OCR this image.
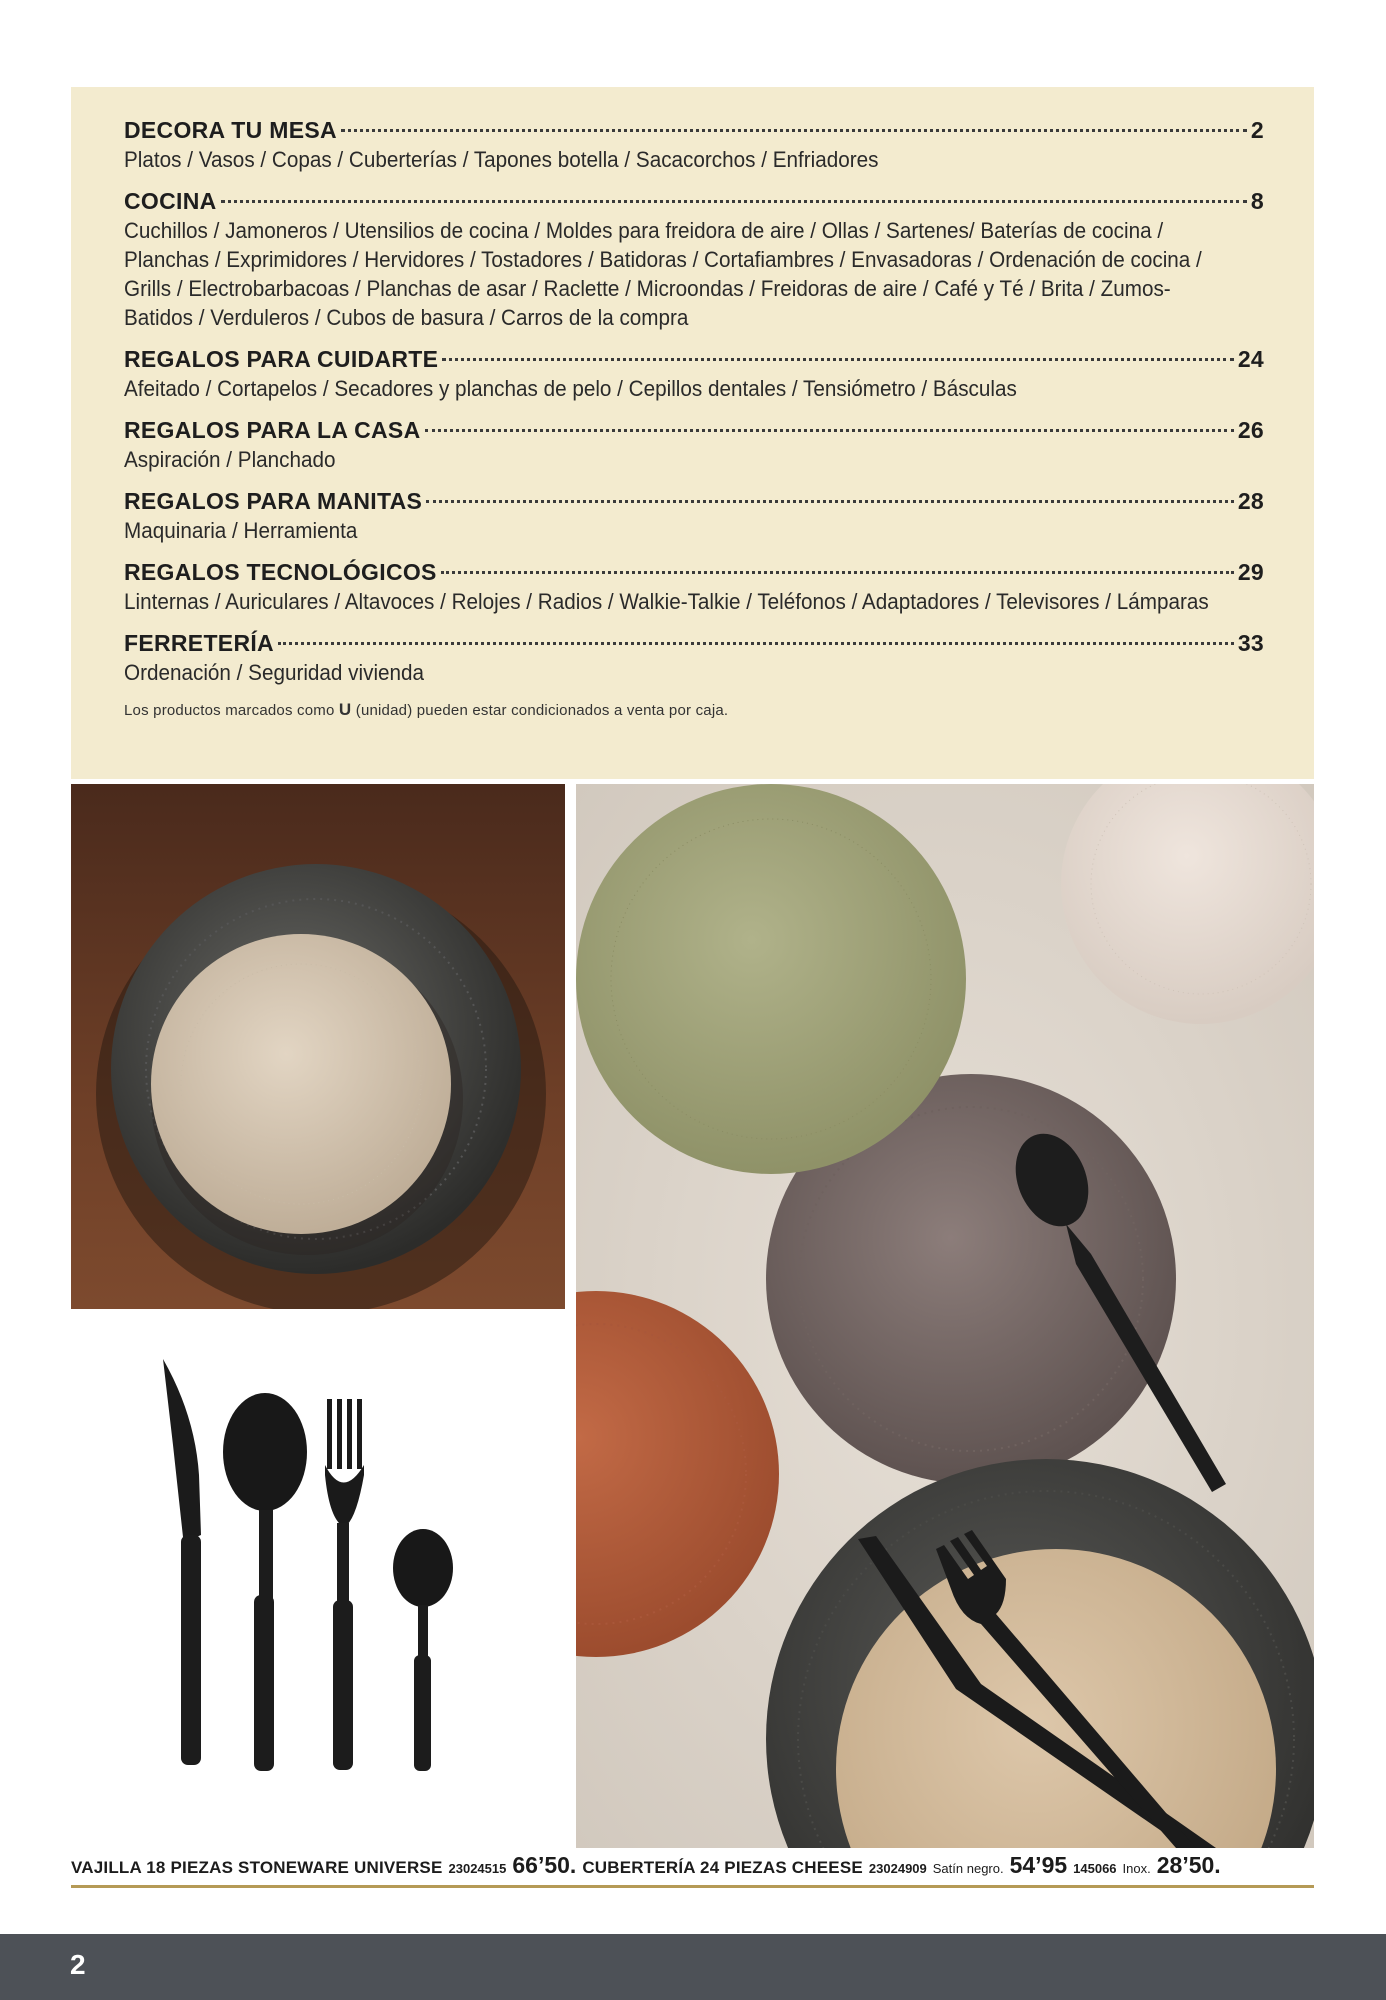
DECORA TU MESA	2
Platos / Vasos / Copas / Cuberterías / Tapones botella / Sacacorchos / Enfriadores
COCINA	8
Cuchillos / Jamoneros / Utensilios de cocina / Moldes para freidora de aire / Ollas / Sartenes/ Baterías de cocina / Planchas / Exprimidores / Hervidores / Tostadores / Batidoras / Cortafiambres / Envasadoras / Ordenación de cocina / Grills / Electrobarbacoas / Planchas de asar / Raclette / Microondas / Freidoras de aire / Café y Té / Brita / Zumos-Batidos / Verduleros / Cubos de basura / Carros de la compra
REGALOS PARA CUIDARTE	24
Afeitado / Cortapelos / Secadores y planchas de pelo / Cepillos dentales / Tensiómetro / Básculas
REGALOS PARA LA CASA	26
Aspiración / Planchado
REGALOS PARA MANITAS	28
Maquinaria / Herramienta
REGALOS TECNOLÓGICOS	29
Linternas / Auriculares / Altavoces / Relojes / Radios / Walkie-Talkie / Teléfonos / Adaptadores / Televisores / Lámparas
FERRETERÍA	33
Ordenación / Seguridad vivienda
Los productos marcados como U (unidad) pueden estar condicionados a venta por caja.
VAJILLA 18 PIEZAS STONEWARE UNIVERSE 23024515 66’50. CUBERTERÍA 24 PIEZAS CHEESE 23024909 Satín negro. 54’95 145066 Inox. 28’50.
2
